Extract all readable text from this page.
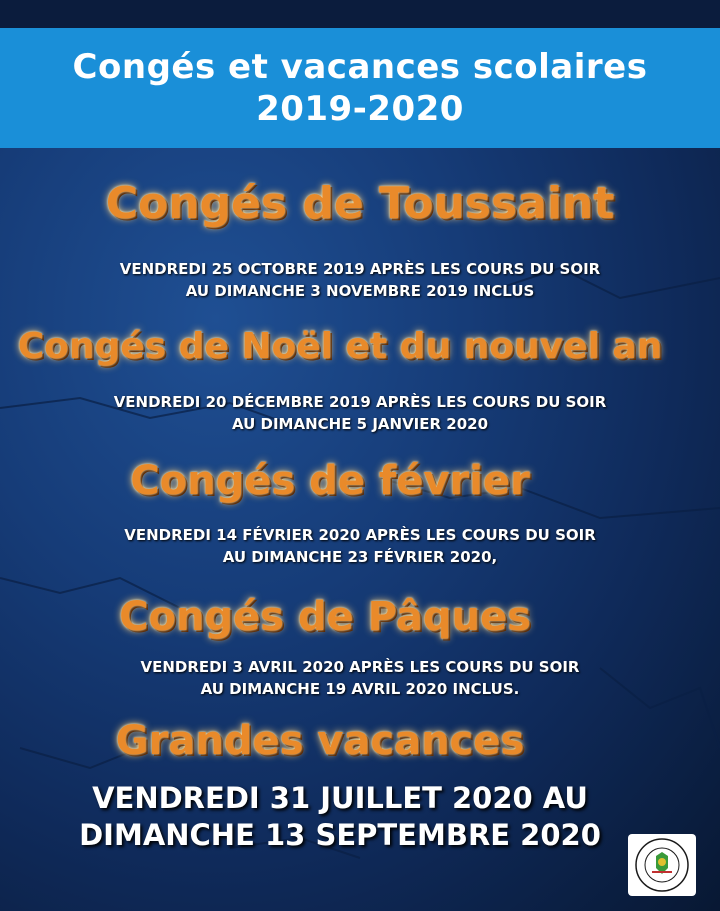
Congés et vacances scolaires
2019-2020
Congés de Toussaint
VENDREDI 25 OCTOBRE 2019 APRÈS LES COURS DU SOIR
AU DIMANCHE 3 NOVEMBRE 2019 INCLUS
Congés de Noël et du nouvel an
VENDREDI 20 DÉCEMBRE 2019 APRÈS LES COURS DU SOIR
AU DIMANCHE 5 JANVIER 2020
Congés de février
VENDREDI 14 FÉVRIER 2020 APRÈS LES COURS DU SOIR
AU DIMANCHE 23 FÉVRIER 2020,
Congés de Pâques
VENDREDI 3 AVRIL 2020 APRÈS LES COURS DU SOIR
AU DIMANCHE 19 AVRIL 2020 INCLUS.
Grandes vacances
VENDREDI 31 JUILLET 2020 AU
DIMANCHE 13 SEPTEMBRE 2020
